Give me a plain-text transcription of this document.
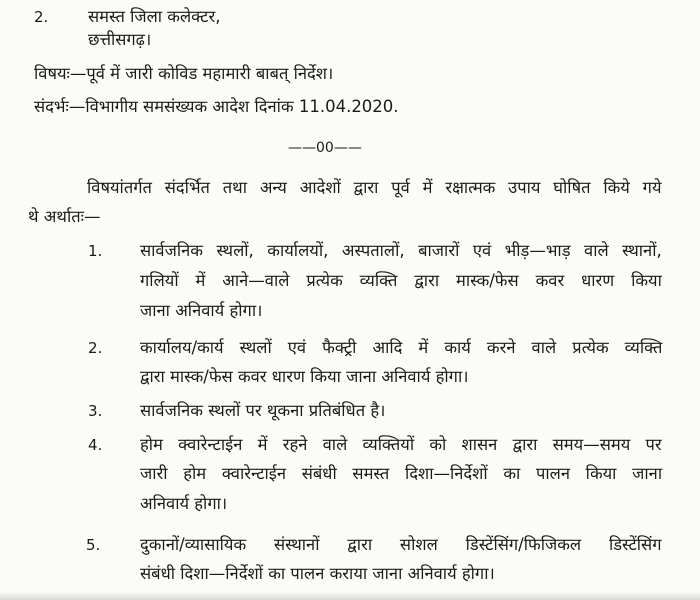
2. समस्त जिला कलेक्टर,
छत्तीसगढ़।
विषयः—पूर्व में जारी कोविड महामारी बाबत् निर्देश।
संदर्भः—विभागीय समसंख्यक आदेश दिनांक 11.04.2020.
——00——
विषयांतर्गत संदर्भित तथा अन्य आदेशों द्वारा पूर्व में रक्षात्मक उपाय घोषित किये गये
थे अर्थातः—
1. सार्वजनिक स्थलों, कार्यालयों, अस्पतालों, बाजारों एवं भीड़—भाड़ वाले स्थानों,
गलियों में आने—वाले प्रत्येक व्यक्ति द्वारा मास्क/फेस कवर धारण किया
जाना अनिवार्य होगा।
2. कार्यालय/कार्य स्थलों एवं फैक्ट्री आदि में कार्य करने वाले प्रत्येक व्यक्ति
द्वारा मास्क/फेस कवर धारण किया जाना अनिवार्य होगा।
3. सार्वजनिक स्थलों पर थूकना प्रतिबंधित है।
4. होम क्वारेन्टाईन में रहने वाले व्यक्तियों को शासन द्वारा समय—समय पर
जारी होम क्वारेन्टाईन संबंधी समस्त दिशा—निर्देशों का पालन किया जाना
अनिवार्य होगा।
5. दुकानों/व्यासायिक संस्थानों द्वारा सोशल डिस्टेंसिंग/फिजिकल डिस्टेंसिंग
संबंधी दिशा—निर्देशों का पालन कराया जाना अनिवार्य होगा।
